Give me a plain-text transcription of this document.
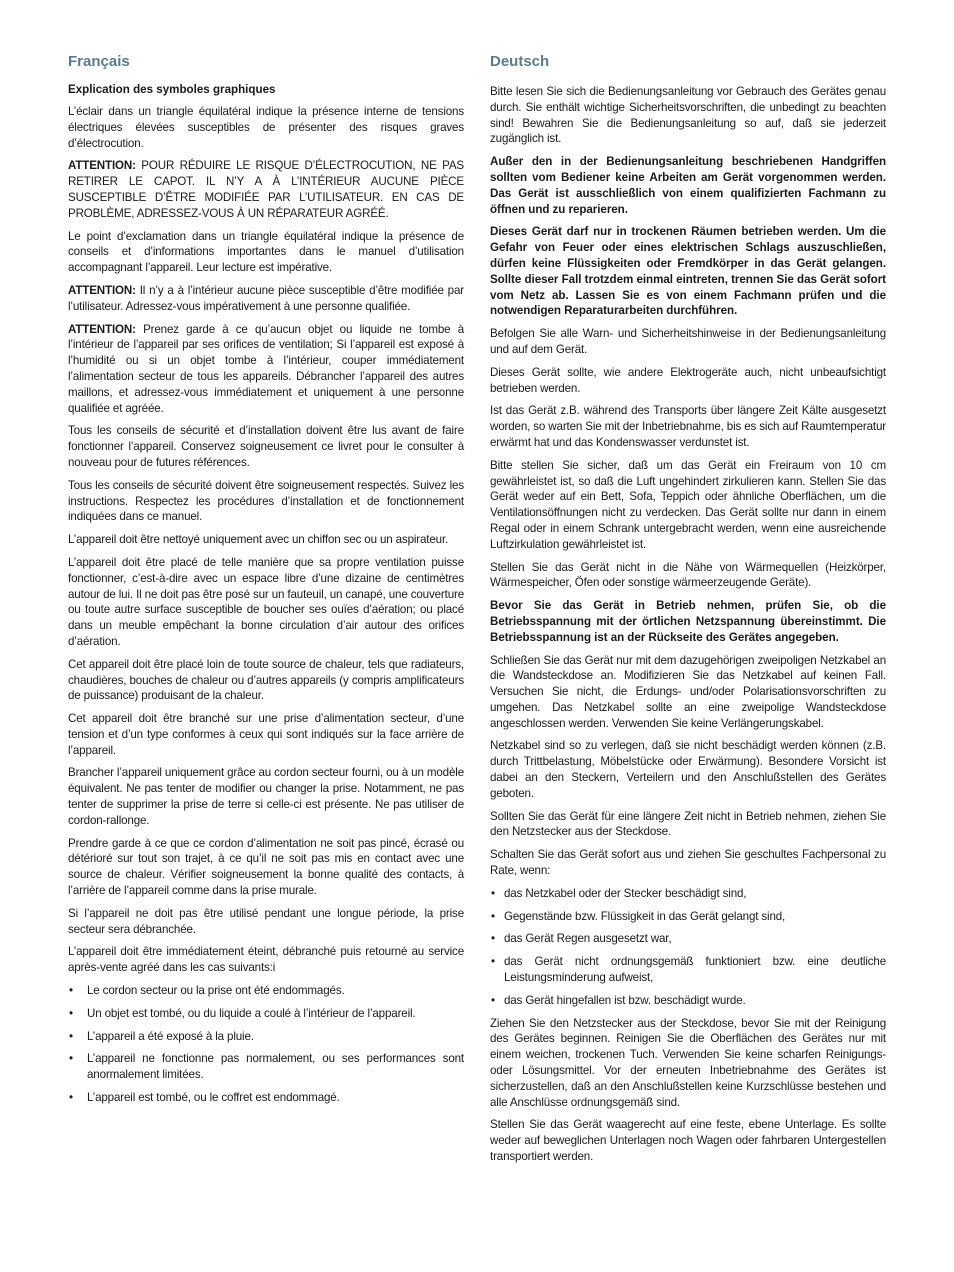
Français
Explication des symboles graphiques

L’éclair dans un triangle équilatéral indique la présence interne de tensions électriques élevées susceptibles de présenter des risques graves d’électrocution.

ATTENTION: POUR RÉDUIRE LE RISQUE D’ÉLECTROCUTION, NE PAS RETIRER LE CAPOT. IL N’Y A À L’INTÉRIEUR AUCUNE PIÈCE SUSCEPTIBLE D’ÊTRE MODIFIÉE PAR L’UTILISATEUR. EN CAS DE PROBLÈME, ADRESSEZ-VOUS À UN RÉPARATEUR AGRÉÉ.

Le point d’exclamation dans un triangle équilatéral indique la présence de conseils et d’informations importantes dans le manuel d’utilisation accompagnant l’appareil. Leur lecture est impérative.

ATTENTION: Il n’y a à l’intérieur aucune pièce susceptible d’être modifiée par l’utilisateur. Adressez-vous impérativement à une personne qualifiée.

ATTENTION: Prenez garde à ce qu’aucun objet ou liquide ne tombe à l’intérieur de l’appareil par ses orifices de ventilation; Si l’appareil est exposé à l’humidité ou si un objet tombe à l’intérieur, couper immédiatement l’alimentation secteur de tous les appareils. Débrancher l’appareil des autres maillons, et adressez-vous immédiatement et uniquement à une personne qualifiée et agréée.

Tous les conseils de sécurité et d’installation doivent être lus avant de faire fonctionner l’appareil. Conservez soigneusement ce livret pour le consulter à nouveau pour de futures références.

Tous les conseils de sécurité doivent être soigneusement respectés. Suivez les instructions. Respectez les procédures d’installation et de fonctionnement indiquées dans ce manuel.

L’appareil doit être nettoyé uniquement avec un chiffon sec ou un aspirateur.

L’appareil doit être placé de telle manière que sa propre ventilation puisse fonctionner, c’est-à-dire avec un espace libre d’une dizaine de centimètres autour de lui. Il ne doit pas être posé sur un fauteuil, un canapé, une couverture ou toute autre surface susceptible de boucher ses ouïes d’aération; ou placé dans un meuble empêchant la bonne circulation d’air autour des orifices d’aération.

Cet appareil doit être placé loin de toute source de chaleur, tels que radiateurs, chaudières, bouches de chaleur ou d’autres appareils (y compris amplificateurs de puissance) produisant de la chaleur.

Cet appareil doit être branché sur une prise d’alimentation secteur, d’une tension et d’un type conformes à ceux qui sont indiqués sur la face arrière de l’appareil.

Brancher l’appareil uniquement grâce au cordon secteur fourni, ou à un modèle équivalent. Ne pas tenter de modifier ou changer la prise. Notamment, ne pas tenter de supprimer la prise de terre si celle-ci est présente. Ne pas utiliser de cordon-rallonge.

Prendre garde à ce que ce cordon d’alimentation ne soit pas pincé, écrasé ou détérioré sur tout son trajet, à ce qu’il ne soit pas mis en contact avec une source de chaleur. Vérifier soigneusement la bonne qualité des contacts, à l’arrière de l’appareil comme dans la prise murale.

Si l’appareil ne doit pas être utilisé pendant une longue période, la prise secteur sera débranchée.

L’appareil doit être immédiatement éteint, débranché puis retourné au service après-vente agréé dans les cas suivants:i

• Le cordon secteur ou la prise ont été endommagés.
• Un objet est tombé, ou du liquide a coulé à l’intérieur de l’appareil.
• L’appareil a été exposé à la pluie.
• L’appareil ne fonctionne pas normalement, ou ses performances sont anormalement limitées.
• L’appareil est tombé, ou le coffret est endommagé.
Deutsch

Bitte lesen Sie sich die Bedienungsanleitung vor Gebrauch des Gerätes genau durch. Sie enthält wichtige Sicherheitsvorschriften, die unbedingt zu beachten sind! Bewahren Sie die Bedienungsanleitung so auf, daß sie jederzeit zugänglich ist.

Außer den in der Bedienungsanleitung beschriebenen Handgriffen sollten vom Bediener keine Arbeiten am Gerät vorgenommen werden. Das Gerät ist ausschließlich von einem qualifizierten Fachmann zu öffnen und zu reparieren.

Dieses Gerät darf nur in trockenen Räumen betrieben werden. Um die Gefahr von Feuer oder eines elektrischen Schlags auszuschließen, dürfen keine Flüssigkeiten oder Fremdkörper in das Gerät gelangen. Sollte dieser Fall trotzdem einmal eintreten, trennen Sie das Gerät sofort vom Netz ab. Lassen Sie es von einem Fachmann prüfen und die notwendigen Reparaturarbeiten durchführen.

Befolgen Sie alle Warn- und Sicherheitshinweise in der Bedienungsanleitung und auf dem Gerät.

Dieses Gerät sollte, wie andere Elektrogeräte auch, nicht unbeaufsichtigt betrieben werden.

Ist das Gerät z.B. während des Transports über längere Zeit Kälte ausgesetzt worden, so warten Sie mit der Inbetriebnahme, bis es sich auf Raumtemperatur erwärmt hat und das Kondenswasser verdunstet ist.

Bitte stellen Sie sicher, daß um das Gerät ein Freiraum von 10 cm gewährleistet ist, so daß die Luft ungehindert zirkulieren kann. Stellen Sie das Gerät weder auf ein Bett, Sofa, Teppich oder ähnliche Oberflächen, um die Ventilationsöffnungen nicht zu verdecken. Das Gerät sollte nur dann in einem Regal oder in einem Schrank untergebracht werden, wenn eine ausreichende Luftzirkulation gewährleistet ist.

Stellen Sie das Gerät nicht in die Nähe von Wärmequellen (Heizkörper, Wärmespeicher, Öfen oder sonstige wärmeerzeugende Geräte).

Bevor Sie das Gerät in Betrieb nehmen, prüfen Sie, ob die Betriebsspannung mit der örtlichen Netzspannung übereinstimmt. Die Betriebsspannung ist an der Rückseite des Gerätes angegeben.

Schließen Sie das Gerät nur mit dem dazugehörigen zweipoligen Netzkabel an die Wandsteckdose an. Modifizieren Sie das Netzkabel auf keinen Fall. Versuchen Sie nicht, die Erdungs- und/oder Polarisationsvorschriften zu umgehen. Das Netzkabel sollte an eine zweipolige Wandsteckdose angeschlossen werden. Verwenden Sie keine Verlängerungskabel.

Netzkabel sind so zu verlegen, daß sie nicht beschädigt werden können (z.B. durch Trittbelastung, Möbelstücke oder Erwärmung). Besondere Vorsicht ist dabei an den Steckern, Verteilern und den Anschlußstellen des Gerätes geboten.

Sollten Sie das Gerät für eine längere Zeit nicht in Betrieb nehmen, ziehen Sie den Netzstecker aus der Steckdose.

Schalten Sie das Gerät sofort aus und ziehen Sie geschultes Fachpersonal zu Rate, wenn:

• das Netzkabel oder der Stecker beschädigt sind,
• Gegenstände bzw. Flüssigkeit in das Gerät gelangt sind,
• das Gerät Regen ausgesetzt war,
• das Gerät nicht ordnungsgemäß funktioniert bzw. eine deutliche Leistungsminderung aufweist,
• das Gerät hingefallen ist bzw. beschädigt wurde.

Ziehen Sie den Netzstecker aus der Steckdose, bevor Sie mit der Reinigung des Gerätes beginnen. Reinigen Sie die Oberflächen des Gerätes nur mit einem weichen, trockenen Tuch. Verwenden Sie keine scharfen Reinigungs- oder Lösungsmittel. Vor der erneuten Inbetriebnahme des Gerätes ist sicherzustellen, daß an den Anschlußstellen keine Kurzschlüsse bestehen und alle Anschlüsse ordnungsgemäß sind.

Stellen Sie das Gerät waagerecht auf eine feste, ebene Unterlage. Es sollte weder auf beweglichen Unterlagen noch Wagen oder fahrbaren Untergestellen transportiert werden.
